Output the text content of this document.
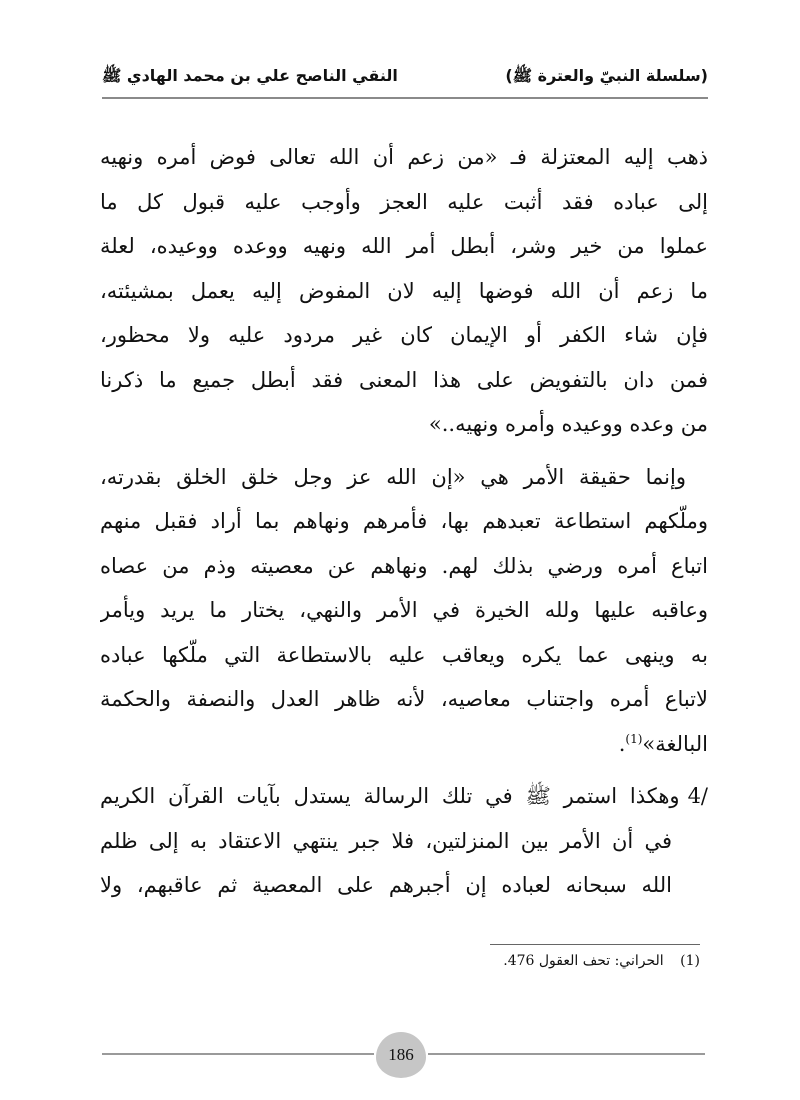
(سلسلة النبيّ والعترة ﷺ)
النقي الناصح علي بن محمد الهادي ﷺ

ذهب إليه المعتزلة فـ «من زعم أن الله تعالى فوض أمره ونهيه
إلى عباده فقد أثبت عليه العجز وأوجب عليه قبول كل ما
عملوا من خير وشر، أبطل أمر الله ونهيه ووعده ووعيده، لعلة
ما زعم أن الله فوضها إليه لان المفوض إليه يعمل بمشيئته،
فإن شاء الكفر أو الإيمان كان غير مردود عليه ولا محظور،
فمن دان بالتفويض على هذا المعنى فقد أبطل جميع ما ذكرنا
من وعده ووعيده وأمره ونهيه..»

وإنما حقيقة الأمر هي «إن الله عز وجل خلق الخلق بقدرته،
وملّكهم استطاعة تعبدهم بها، فأمرهم ونهاهم بما أراد فقبل منهم
اتباع أمره ورضي بذلك لهم. ونهاهم عن معصيته وذم من عصاه
وعاقبه عليها ولله الخيرة في الأمر والنهي، يختار ما يريد ويأمر
به وينهى عما يكره ويعاقب عليه بالاستطاعة التي ملّكها عباده
لاتباع أمره واجتناب معاصيه، لأنه ظاهر العدل والنصفة والحكمة
البالغة»$^{(1)}$.

4/وهكذا استمر ﷺ في تلك الرسالة يستدل بآيات القرآن الكريم
في أن الأمر بين المنزلتين، فلا جبر ينتهي الاعتقاد به إلى ظلم
الله سبحانه لعباده إن أجبرهم على المعصية ثم عاقبهم، ولا

(1) الحراني: تحف العقول 476.
186
